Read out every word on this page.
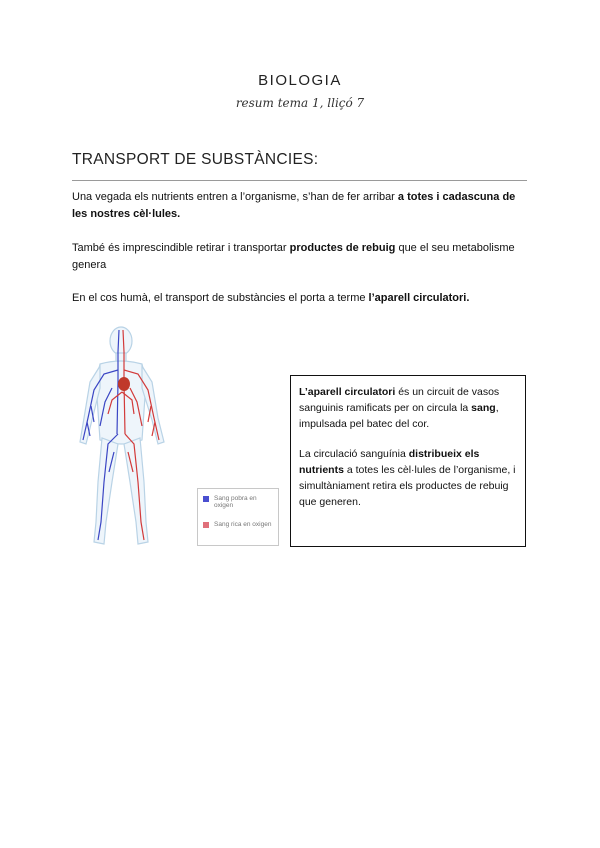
BIOLOGIA
resum tema 1, lliçó 7
TRANSPORT DE SUBSTÀNCIES:
Una vegada els nutrients entren a l’organisme, s’han de fer arribar a totes i cadascuna de les nostres cèl·lules.
També és imprescindible retirar i transportar productes de rebuig que el seu metabolisme genera
En el cos humà, el transport de substàncies el porta a terme l’aparell circulatori.
Sang pobra en oxigen
Sang rica en oxigen

L’aparell circulatori és un circuit de vasos sanguinis ramificats per on circula la sang, impulsada pel batec del cor.

La circulació sanguínia distribueix els nutrients a totes les cèl·lules de l’organisme, i simultàniament retira els productes de rebuig que generen.
